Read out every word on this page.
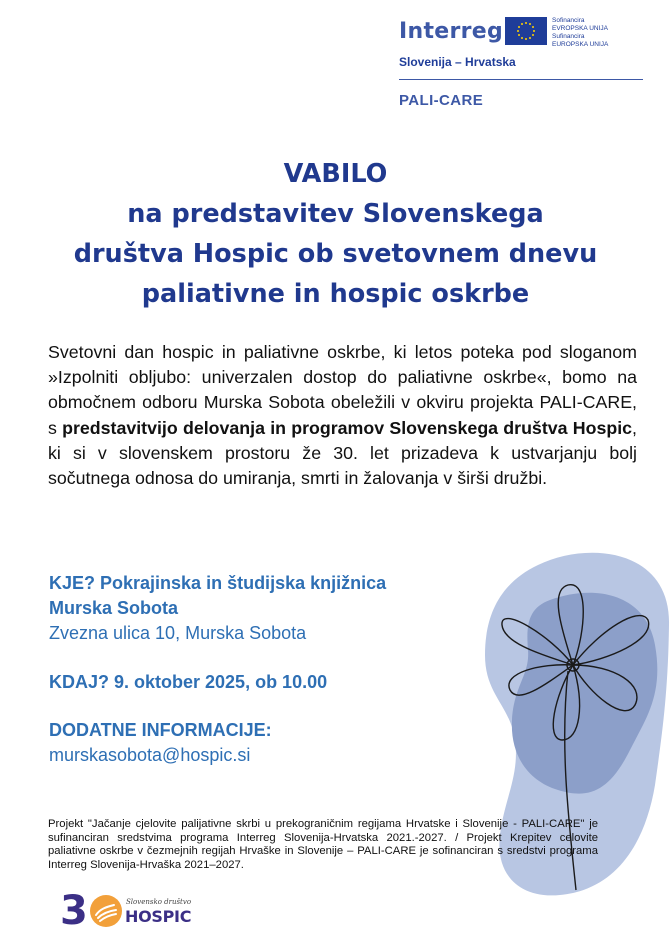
Interreg	Sofinancira
EVROPSKA UNIJA
Sufinancira
EUROPSKA UNIJA
Slovenija – Hrvatska
PALI-CARE
VABILO
na predstavitev Slovenskega
društva Hospic ob svetovnem dnevu
paliativne in hospic oskrbe
Svetovni dan hospic in paliativne oskrbe, ki letos poteka pod sloganom »Izpolniti obljubo: univerzalen dostop do paliativne oskrbe«, bomo na območnem odboru Murska Sobota obeležili v okviru projekta PALI-CARE, s predstavitvijo delovanja in programov Slovenskega društva Hospic, ki si v slovenskem prostoru že 30. let prizadeva k ustvarjanju bolj sočutnega odnosa do umiranja, smrti in žalovanja v širši družbi.
KJE? Pokrajinska in študijska knjižnica
Murska Sobota
Zvezna ulica 10, Murska Sobota
KDAJ? 9. oktober 2025, ob 10.00
DODATNE INFORMACIJE:
murskasobota@hospic.si
Projekt "Jačanje cjelovite palijativne skrbi u prekograničnim regijama Hrvatske i Slovenije - PALI-CARE" je sufinanciran sredstvima programa Interreg Slovenija-Hrvatska 2021.-2027. / Projekt Krepitev celovite paliativne oskrbe v čezmejnih regijah Hrvaške in Slovenije – PALI-CARE je sofinanciran s sredstvi programa Interreg Slovenija-Hrvaška 2021–2027.
3	Slovensko društvo
HOSPIC
